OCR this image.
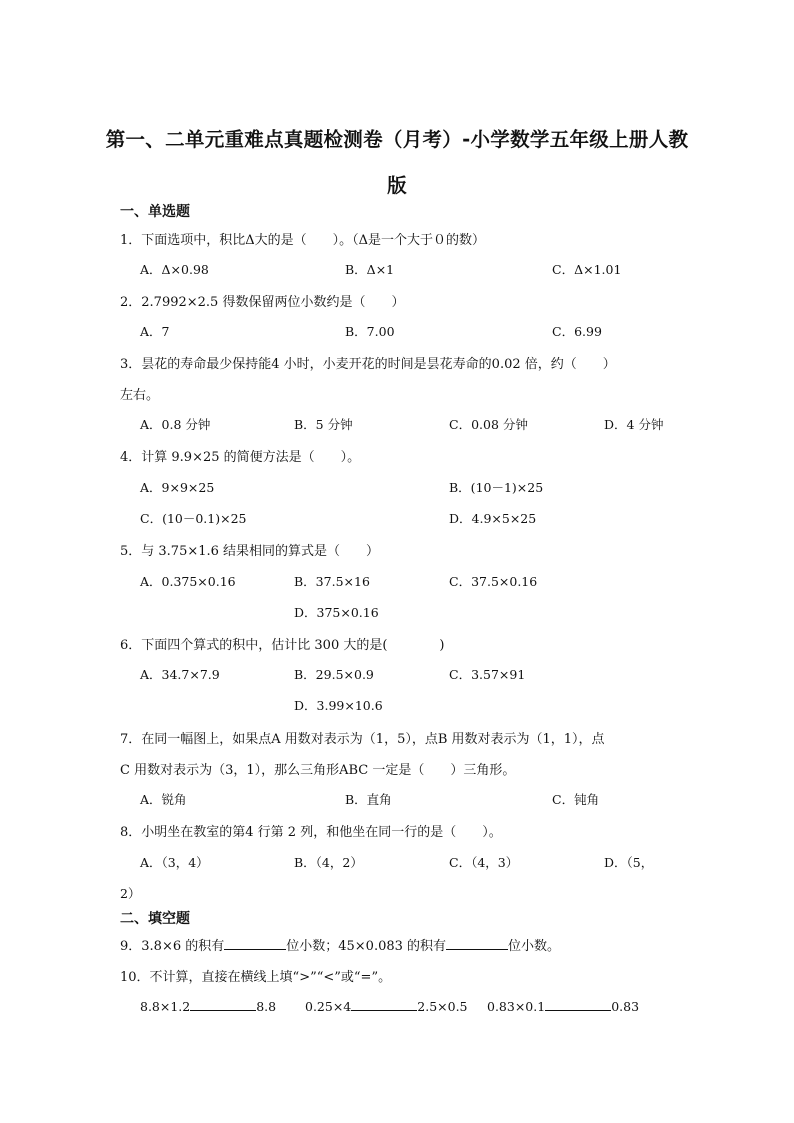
第一、二单元重难点真题检测卷（月考）-小学数学五年级上册人教
版
一、单选题
1．下面选项中，积比Δ大的是（　　）。（Δ是一个大于０的数）
A．Δ×0.98	B．Δ×1	C．Δ×1.01
2．2.7992×2.5 得数保留两位小数约是（　　）
A．7	B．7.00	C．6.99
3．昙花的寿命最少保持能4 小时，小麦开花的时间是昙花寿命的0.02 倍，约（　　）
左右。
A．0.8 分钟	B．5 分钟	C．0.08 分钟	D．4 分钟
4．计算 9.9×25 的简便方法是（　　）。
A．9×9×25	B．(10－1)×25
C．(10－0.1)×25	D．4.9×5×25
5．与 3.75×1.6 结果相同的算式是（　　）
A．0.375×0.16	B．37.5×16	C．37.5×0.16
D．375×0.16
6．下面四个算式的积中，估计比 300 大的是(　　　　)
A．34.7×7.9	B．29.5×0.9	C．3.57×91
D．3.99×10.6
7．在同一幅图上，如果点A 用数对表示为（1，5），点B 用数对表示为（1，1），点
C 用数对表示为（3，1），那么三角形ABC 一定是（　　）三角形。
A．锐角	B．直角	C．钝角
8．小明坐在教室的第4 行第 2 列，和他坐在同一行的是（　　）。
A．（3，4）	B．（4，2）	C．（4，3）	D．（5，
2）
二、填空题
9．3.8×6 的积有	位小数；45×0.083 的积有	位小数。
10．不计算，直接在横线上填“>”“<”或“=”。
8.8×1.2	8.8 0.25×4	2.5×0.5 0.83×0.1	0.83
